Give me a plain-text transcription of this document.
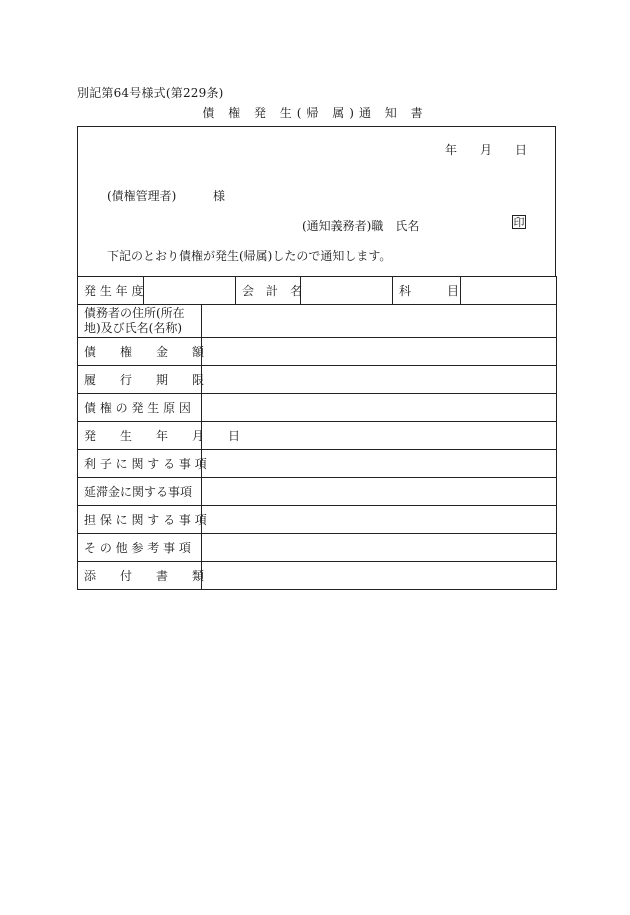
別記第64号様式(第229条)
債 権 発 生(帰 属)通 知 書
年 月 日
(債権管理者)	様
(通知義務者)職　氏名	印
下記のとおり債権が発生(帰属)したので通知します。
発 生 年 度			会　計　名		科　　　目	
債務者の住所(所在地)及び氏名(名称)						
債　　権　　金　　額						
履　　行　　期　　限						
債 権 の 発 生 原 因						
発　　生　　年　　月　　日						
利 子 に 関 す る 事 項						
延滞金に関する事項						
担 保 に 関 す る 事 項						
そ の 他 参 考 事 項						
添　　付　　書　　類						
